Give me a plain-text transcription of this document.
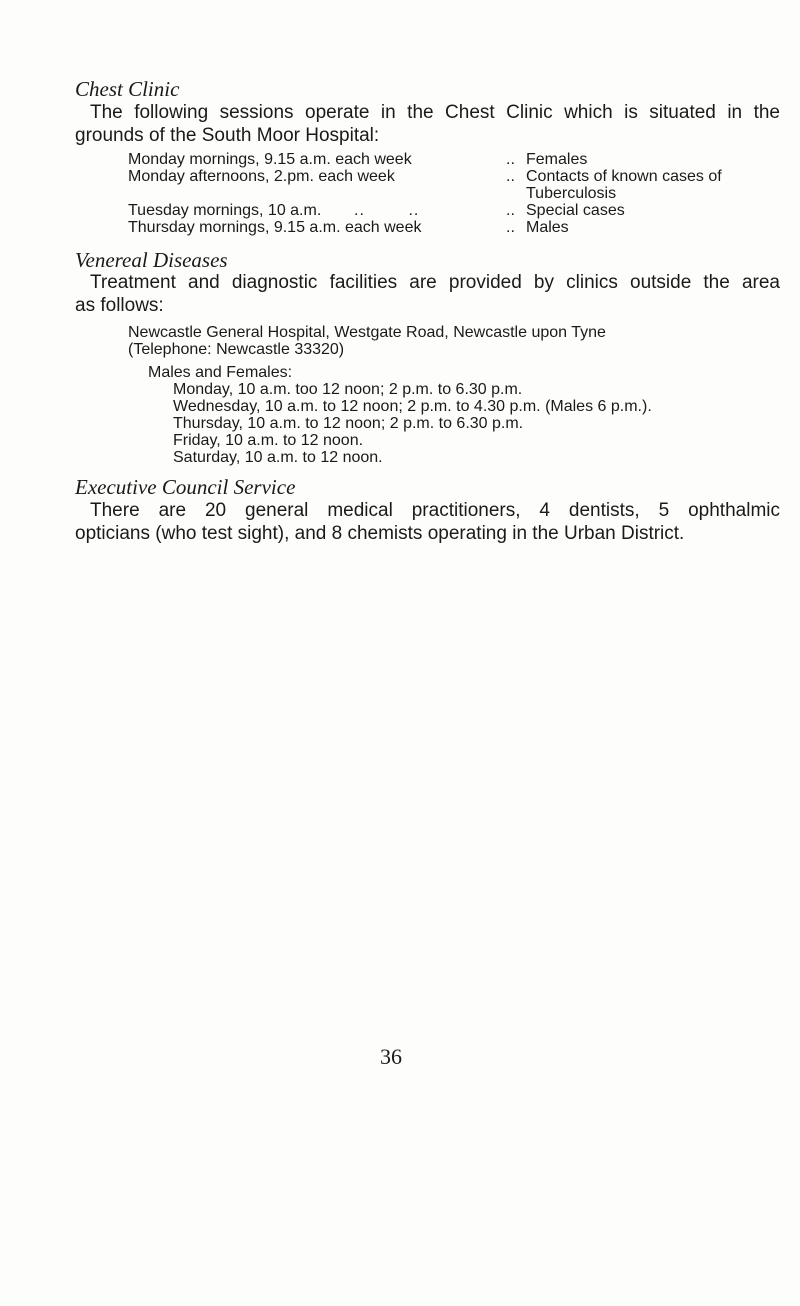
Chest Clinic
The following sessions operate in the Chest Clinic which is situated in the
grounds of the South Moor Hospital:
Monday mornings, 9.15 a.m. each week	.. Females
Monday afternoons, 2.pm. each week	.. Contacts of known cases of Tuberculosis
Tuesday mornings, 10 a.m. ..        ..	.. Special cases
Thursday mornings, 9.15 a.m. each week	.. Males
Venereal Diseases
Treatment and diagnostic facilities are provided by clinics outside the area
as follows:
Newcastle General Hospital, Westgate Road, Newcastle upon Tyne
(Telephone: Newcastle 33320)
Males and Females:
Monday, 10 a.m. too 12 noon; 2 p.m. to 6.30 p.m.
Wednesday, 10 a.m. to 12 noon; 2 p.m. to 4.30 p.m. (Males 6 p.m.).
Thursday, 10 a.m. to 12 noon; 2 p.m. to 6.30 p.m.
Friday, 10 a.m. to 12 noon.
Saturday, 10 a.m. to 12 noon.
Executive Council Service
There are 20 general medical practitioners, 4 dentists, 5 ophthalmic
opticians (who test sight), and 8 chemists operating in the Urban District.
36
